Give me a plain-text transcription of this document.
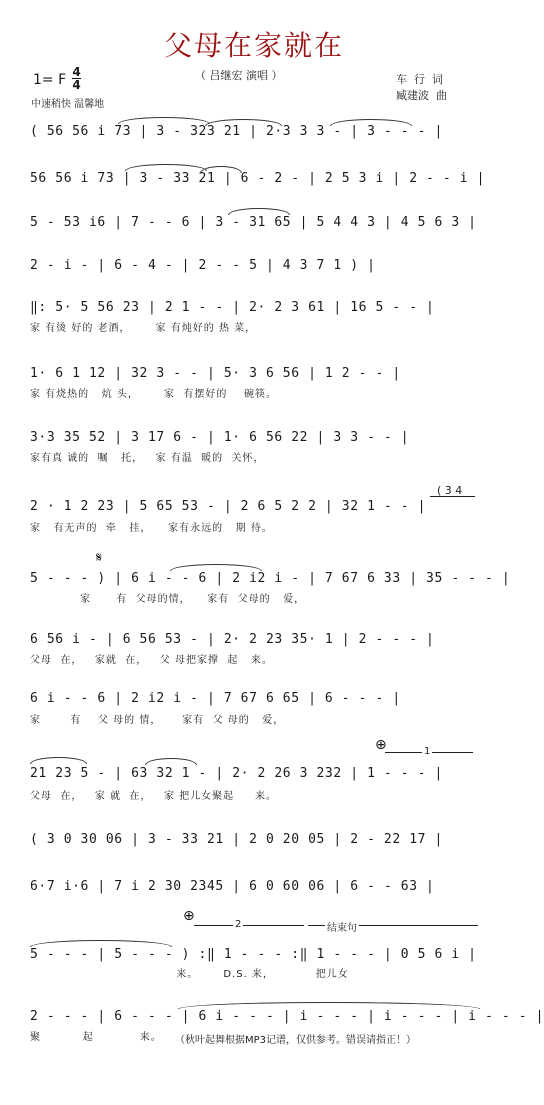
父母在家就在
（ 吕继宏 演唱 ）
1= F 4
4
中速稍快 温馨地
车  行  词
臧建波  曲
( 56 56 i 73 | 3 - 323 21 | 2·3 3 3 - | 3 - - - |
56 56 i 73 | 3 - 33 21 | 6 - 2 - | 2 5 3 i | 2 - - i |
5 - 53 i6 | 7 - - 6 | 3 - 31 65 | 5 4 4 3 | 4 5 6 3 |
2 - i - | 6 - 4 - | 2 - - 5 | 4 3 7 1 ) |
‖: 5· 5 56 23 | 2 1 - - | 2· 2 3 61 | 16 5 - - |
家 有烫 好的 老酒，      家 有炖好的 热 菜，
1· 6 1 12 | 32 3 - - | 5· 3 6 56 | 1 2 - - |
家 有烧热的   炕 头，      家  有摆好的    碗筷。
3·3 35 52 | 3 17 6 - | 1· 6 56 22 | 3 3 - - |
家有真 诚的  嘱   托，   家 有温  暖的  关怀，
2 · 1 2 23 | 5 65 53 - | 2 6 5 2 2 | 32 1 - - |
家   有无声的  牵   挂，    家有永远的   期 待。
5 - - - ) | 6 i - - 6 | 2 i2 i - | 7 67 6 33 | 35 - - - |
家      有  父母的情，    家有  父母的   爱，
6 56 i - | 6 56 53 - | 2· 2 23 35· 1 | 2 - - - |
父母  在，   家就  在，   父 母把家撑  起   来。
6 i - - 6 | 2 i2 i - | 7 67 6 65 | 6 - - - |
家       有    父 母的 情，     家有  父 母的   爱，
21 23 5 - | 63 32 1 - | 2· 2 26 3 232 | 1 - - - |
父母  在，   家 就  在，   家 把儿女聚起     来。
( 3 0 30 06 | 3 - 33 21 | 2 0 20 05 | 2 - 22 17 |
6·7 i·6 | 7 i 2 30 2345 | 6 0 60 06 | 6 - - 63 |
5 - - - | 5 - - - ) :‖ 1 - - - :‖ 1 - - - | 0 5 6 i |
来。      D.S. 来，          把儿女
2 - - - | 6 - - - | 6 i - - - | i - - - | i - - - | i - - - |
聚          起           来。	（秋叶起舞根据MP3记谱，仅供参考。错误请指正！）
𝄋
⊕	1
⊕
2	结束句
( 3 4
